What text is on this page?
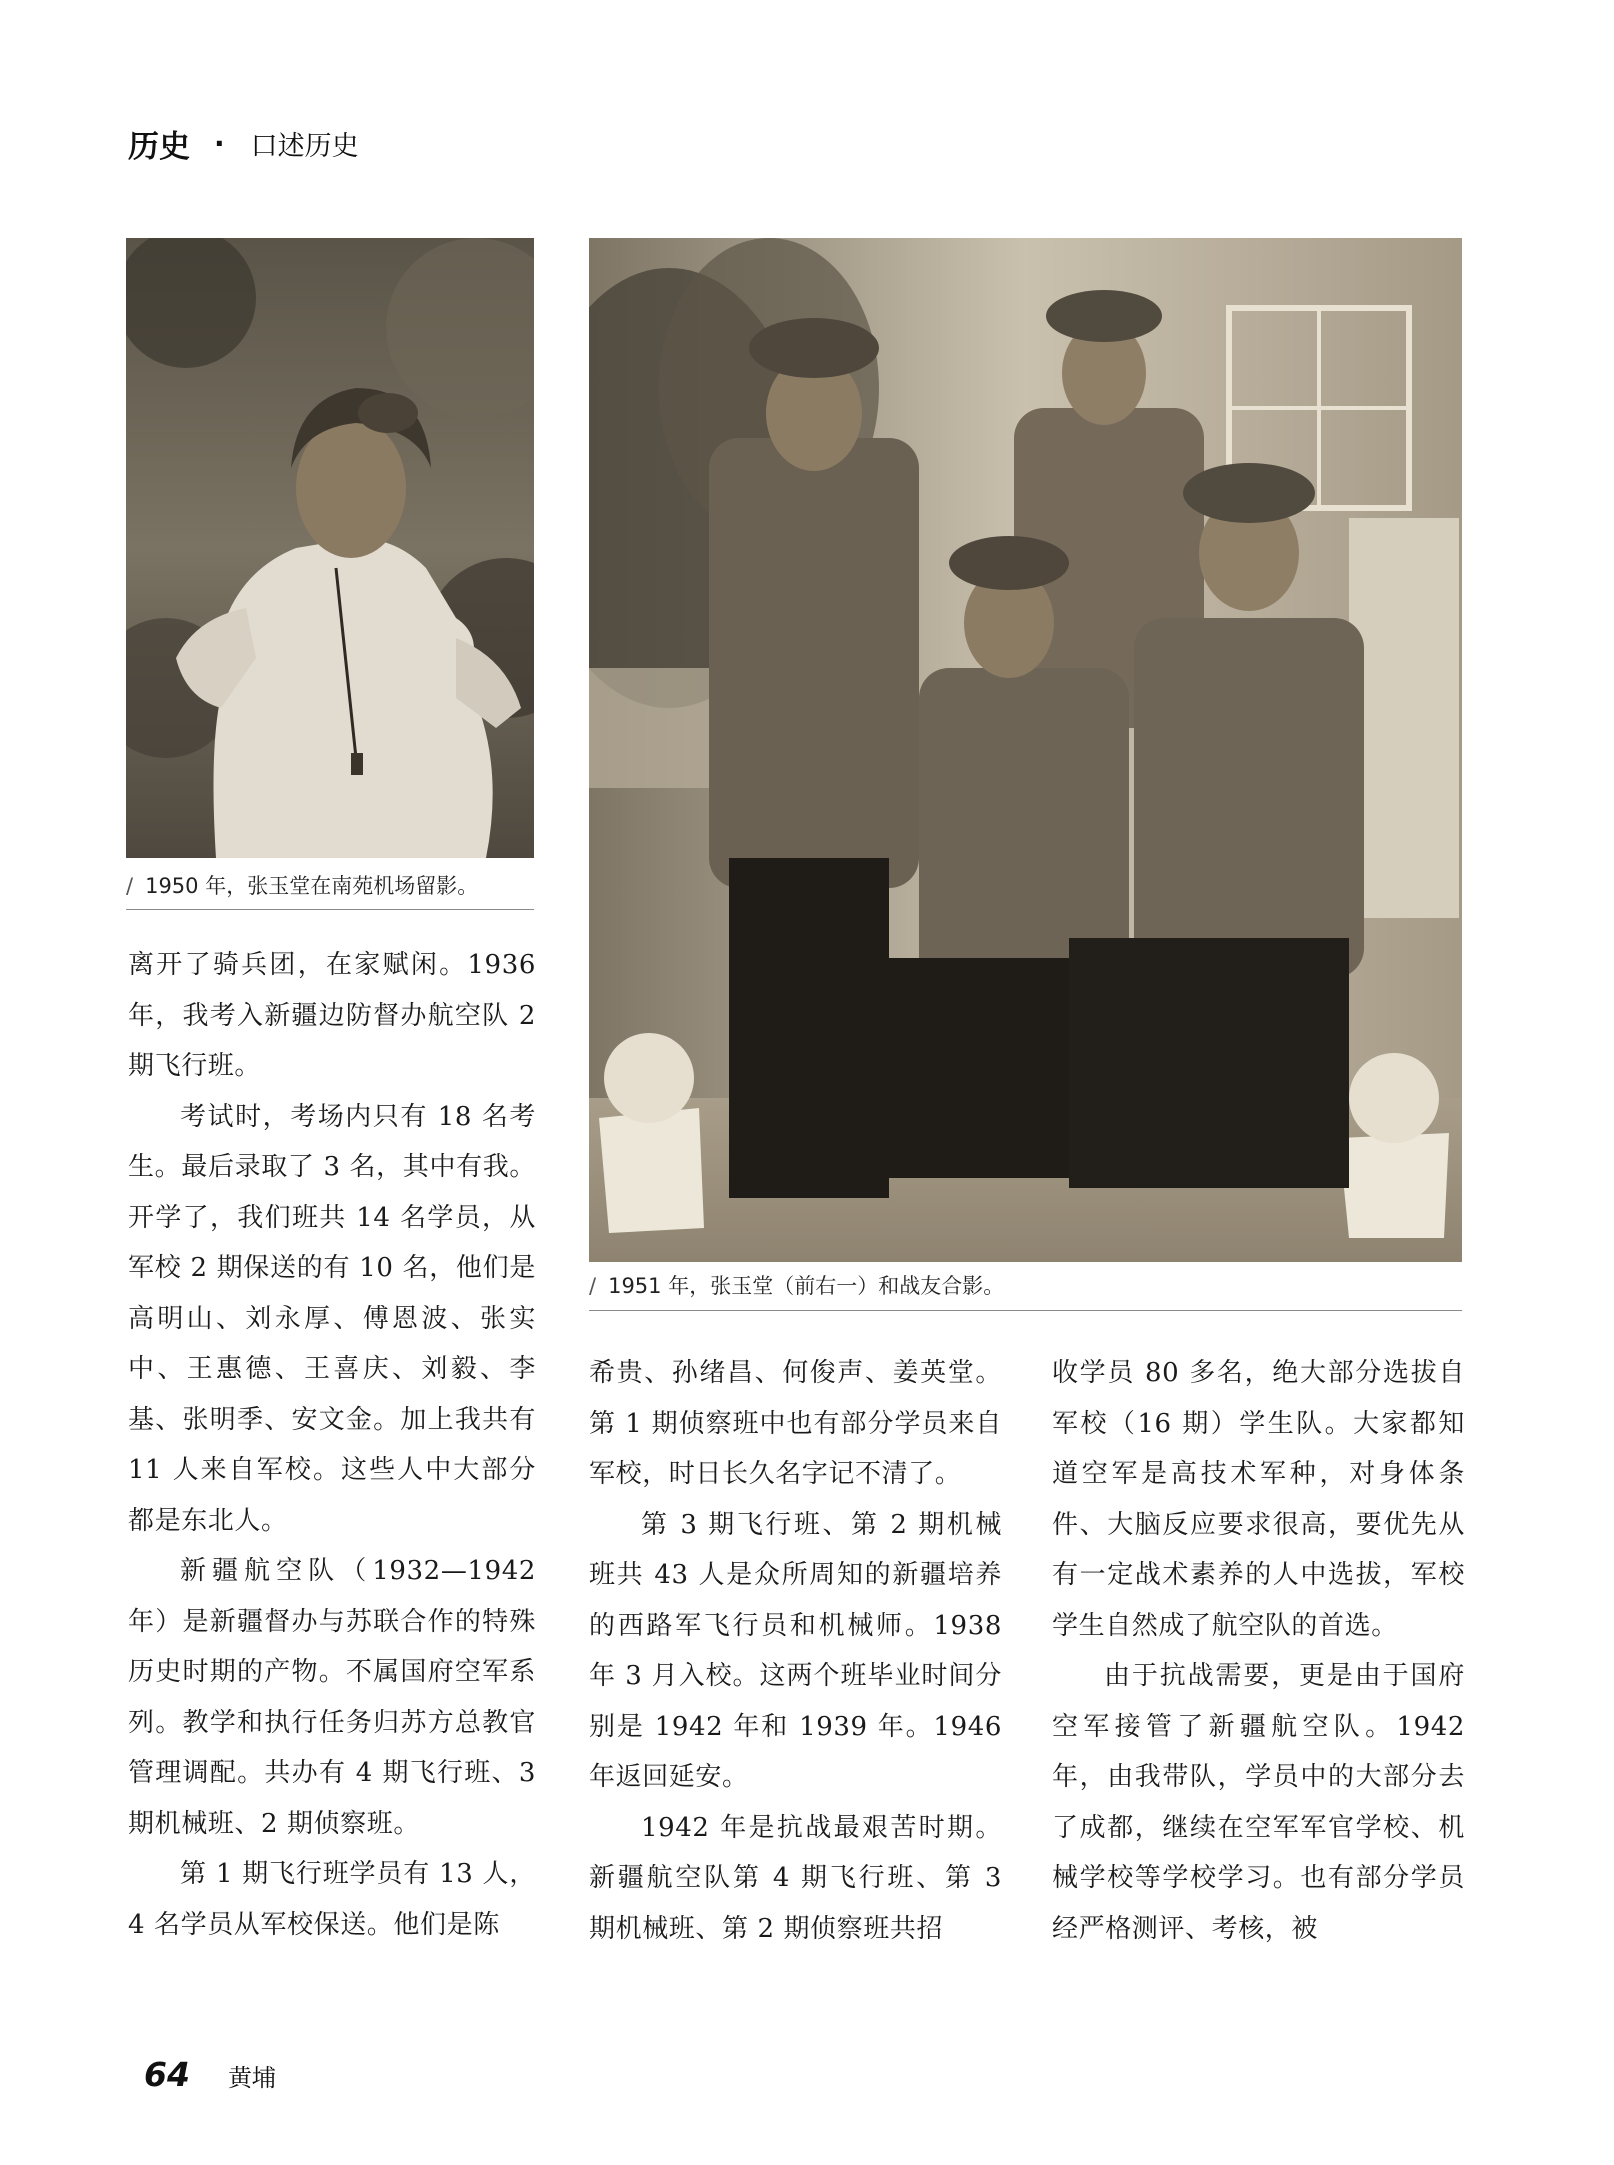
历史 · 口述历史
/ 1950 年，张玉堂在南苑机场留影。
/ 1951 年，张玉堂（前右一）和战友合影。

离开了骑兵团，在家赋闲。1936年，我考入新疆边防督办航空队 2 期飞行班。

考试时，考场内只有 18 名考生。最后录取了 3 名，其中有我。开学了，我们班共 14 名学员，从军校 2 期保送的有 10 名，他们是高明山、刘永厚、傅恩波、张实中、王惠德、王喜庆、刘毅、李基、张明季、安文金。加上我共有 11 人来自军校。这些人中大部分都是东北人。

新疆航空队（1932—1942年）是新疆督办与苏联合作的特殊历史时期的产物。不属国府空军系列。教学和执行任务归苏方总教官管理调配。共办有 4 期飞行班、3 期机械班、2 期侦察班。

第 1 期飞行班学员有 13 人，4 名学员从军校保送。他们是陈

希贵、孙绪昌、何俊声、姜英堂。第 1 期侦察班中也有部分学员来自军校，时日长久名字记不清了。

第 3 期飞行班、第 2 期机械班共 43 人是众所周知的新疆培养的西路军飞行员和机械师。1938 年 3 月入校。这两个班毕业时间分别是 1942 年和 1939 年。1946 年返回延安。

1942 年是抗战最艰苦时期。新疆航空队第 4 期飞行班、第 3 期机械班、第 2 期侦察班共招

收学员 80 多名，绝大部分选拔自军校（16 期）学生队。大家都知道空军是高技术军种，对身体条件、大脑反应要求很高，要优先从有一定战术素养的人中选拔，军校学生自然成了航空队的首选。

由于抗战需要，更是由于国府空军接管了新疆航空队。1942年，由我带队，学员中的大部分去了成都，继续在空军军官学校、机械学校等学校学习。也有部分学员经严格测评、考核，被

64 黄埔
